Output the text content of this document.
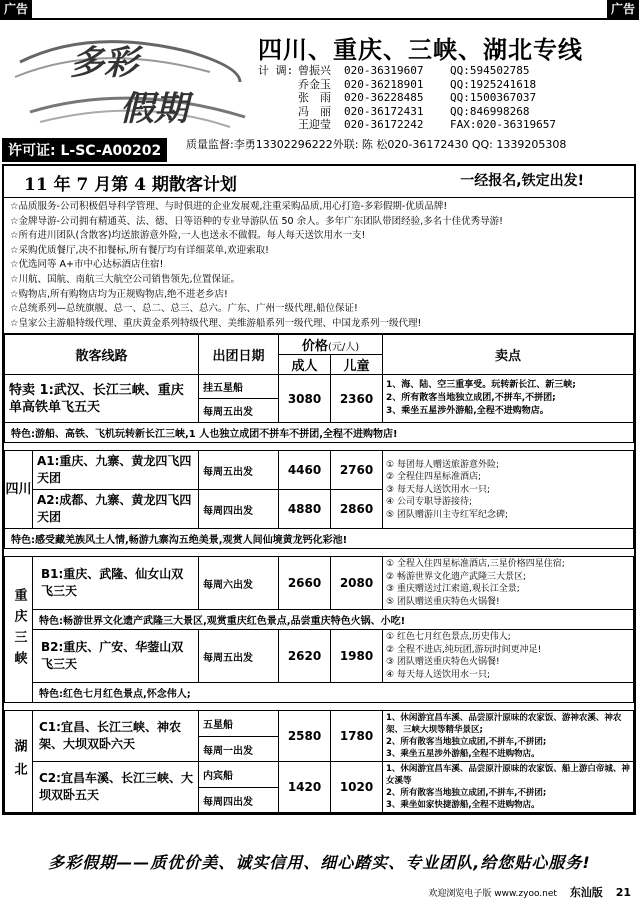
广告	广告
多彩
假期
四川、重庆、三峡、湖北专线
计 调: 曾振兴 020-36319607 QQ:594502785
乔金玉 020-36218901 QQ:1925241618
张　雨 020-36228485 QQ:1500367037
冯　丽 020-36172431 QQ:846998268
王迎莹 020-36172242 FAX:020-36319657
许可证: L-SC-A00202	质量监督:李勇13302296222外联: 陈 松020-36172430 QQ: 1339205308
11 年 7 月第 4 期散客计划	一经报名,铁定出发!
☆品质服务-公司积极倡导科学管理、与时俱进的企业发展观,注重采购品质,用心打造-多彩假期-优质品牌!
☆金牌导游-公司拥有精通英、法、德、日等语种的专业导游队伍 50 余人。多年广东团队带团经验,多名十佳优秀导游!
☆所有进川团队(含散客)均送旅游意外险,一人也送永不做假。每人每天送饮用水一支!
☆采购优质餐厅,决不扣餐标,所有餐厅均有详细菜单,欢迎索取!
☆优选同等 A+市中心达标酒店住宿!
☆川航、国航、南航三大航空公司销售领先,位置保证。
☆购物店,所有购物店均为正规购物店,绝不进老乡店!
☆总统系列—总统旗舰、总一、总二、总三、总六。广东、广州一级代理,船位保证!
☆皇家公主游船特级代理、重庆黄金系列特级代理、美维游船系列一级代理、中国龙系列一级代理!
散客线路		出团日期	价格(元/人)		卖点
			成人	儿童	
特卖 1:武汉、长江三峡、重庆单高铁单飞五天		挂五星船	3080	2360	1、海、陆、空三重享受。玩转新长江、新三峡;
2、所有散客当地独立成团,不拼车,不拼团;
3、乘坐五星涉外游船,全程不进购物店。

		每周五出发			
特色:游船、高铁、飞机玩转新长江三峡,1 人也独立成团不拼车不拼团,全程不进购物店!					

四川	A1:重庆、九寨、黄龙四飞四天团	每周五出发	4460	2760	① 每团每人赠送旅游意外险;
② 全程住四星标准酒店;
③ 每天每人送饮用水一只;
④ 公司专职导游接待;
⑤ 团队赠游川主寺红军纪念碑;

	A2:成都、九寨、黄龙四飞四天团	每周四出发	4880	2860	
特色:感受藏羌族风土人情,畅游九寨沟五绝美景,观赏人间仙境黄龙钙化彩池!					

重庆三峡	B1:重庆、武隆、仙女山双飞三天	每周六出发	2660	2080	① 全程入住四星标准酒店,三星价格四星住宿;
② 畅游世界文化遗产武隆三大景区;
③ 重庆赠送过江索道,观长江全景;
⑤ 团队赠送重庆特色火锅餐!

	特色:畅游世界文化遗产武隆三大景区,观赏重庆红色景点,品尝重庆特色火锅、小吃!				
	B2:重庆、广安、华蓥山双飞三天	每周五出发	2620	1980	① 红色七月红色景点,历史伟人;
② 全程不进店,纯玩团,游玩时间更冲足!
③ 团队赠送重庆特色火锅餐!
④ 每天每人送饮用水一只;

	特色:红色七月红色景点,怀念伟人;				

湖北	C1:宜昌、长江三峡、神农架、大坝双卧六天	五星船	2580	1780	1、休闲游宜昌车溪、品尝原汁原味的农家饭、游神农溪、神农架、三峡大坝等精华景区;
2、所有散客当地独立成团,不拼车,不拼团;
3、乘坐五星涉外游船,全程不进购物店。

		每周一出发			
	C2:宜昌车溪、长江三峡、大坝双卧五天	内宾船	1420	1020	1、休闲游宜昌车溪、品尝原汁原味的农家饭、船上游白帝城、神女溪等
2、所有散客当地独立成团,不拼车,不拼团;
3、乘坐如家快捷游船,全程不进购物店。

		每周四出发			
多彩假期——质优价美、诚实信用、细心踏实、专业团队,给您贴心服务!
欢迎浏览电子版 www.zyoo.net 东汕版 21
